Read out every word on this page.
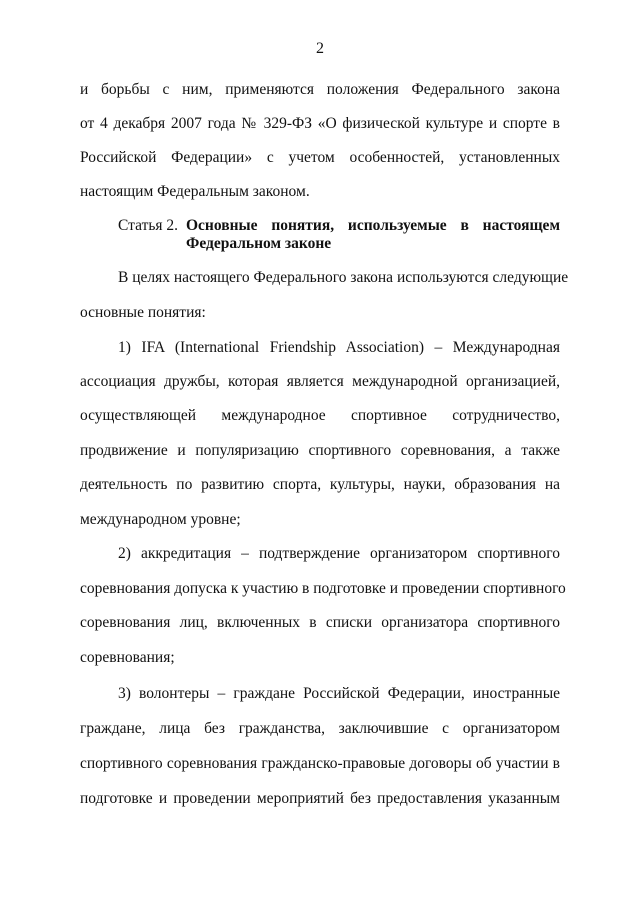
2
и борьбы с ним, применяются положения Федерального закона
от 4 декабря 2007 года № 329-ФЗ «О физической культуре и спорте в
Российской Федерации» с учетом особенностей, установленных
настоящим Федеральным законом.
Статья 2. Основные понятия, используемые в настоящем
Федеральном законе
В целях настоящего Федерального закона используются следующие
основные понятия:
1) IFA (International Friendship Association) – Международная
ассоциация дружбы, которая является международной организацией,
осуществляющей международное спортивное сотрудничество,
продвижение и популяризацию спортивного соревнования, а также
деятельность по развитию спорта, культуры, науки, образования на
международном уровне;
2) аккредитация – подтверждение организатором спортивного
соревнования допуска к участию в подготовке и проведении спортивного
соревнования лиц, включенных в списки организатора спортивного
соревнования;
3) волонтеры – граждане Российской Федерации, иностранные
граждане, лица без гражданства, заключившие с организатором
спортивного соревнования гражданско-правовые договоры об участии в
подготовке и проведении мероприятий без предоставления указанным
